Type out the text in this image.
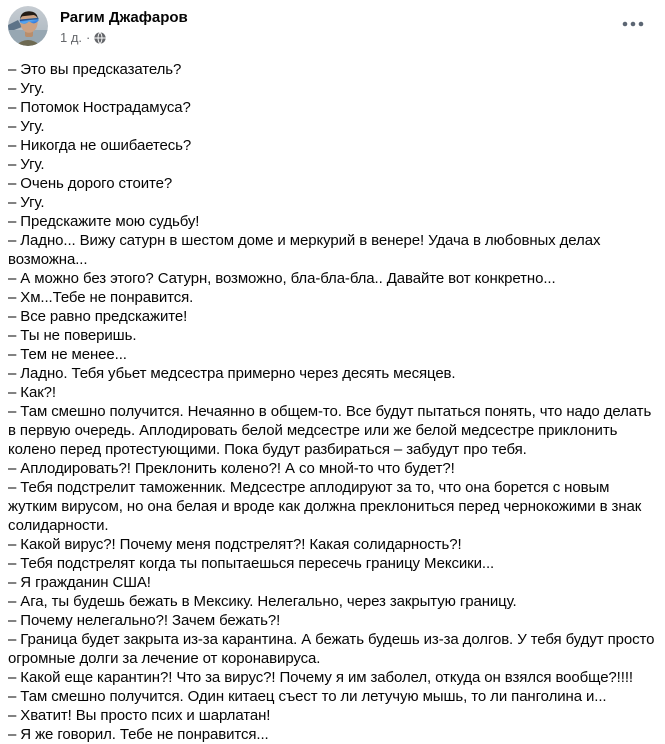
Рагим Джафаров
1 д. ·
– Это вы предсказатель?
– Угу.
– Потомок Нострадамуса?
– Угу.
– Никогда не ошибаетесь?
– Угу.
– Очень дорого стоите?
– Угу.
– Предскажите мою судьбу!
– Ладно... Вижу сатурн в шестом доме и меркурий в венере! Удача в любовных делах возможна...
– А можно без этого? Сатурн, возможно, бла-бла-бла.. Давайте вот конкретно...
– Хм...Тебе не понравится.
– Все равно предскажите!
– Ты не поверишь.
– Тем не менее...
– Ладно. Тебя убьет медсестра примерно через десять месяцев.
– Как?!
– Там смешно получится. Нечаянно в общем-то. Все будут пытаться понять, что надо делать в первую очередь. Аплодировать белой медсестре или же белой медсестре приклонить колено перед протестующими. Пока будут разбираться – забудут про тебя.
– Аплодировать?! Преклонить колено?! А со мной-то что будет?!
– Тебя подстрелит таможенник. Медсестре аплодируют за то, что она борется с новым жутким вирусом, но она белая и вроде как должна преклониться перед чернокожими в знак солидарности.
– Какой вирус?! Почему меня подстрелят?! Какая солидарность?!
– Тебя подстрелят когда ты попытаешься пересечь границу Мексики...
– Я гражданин США!
– Ага, ты будешь бежать в Мексику. Нелегально, через закрытую границу.
– Почему нелегально?! Зачем бежать?!
– Граница будет закрыта из-за карантина. А бежать будешь из-за долгов. У тебя будут просто огромные долги за лечение от коронавируса.
– Какой еще карантин?! Что за вирус?! Почему я им заболел, откуда он взялся вообще?!!!!
– Там смешно получится. Один китаец съест то ли летучую мышь, то ли панголина и...
– Хватит! Вы просто псих и шарлатан!
– Я же говорил. Тебе не понравится...
